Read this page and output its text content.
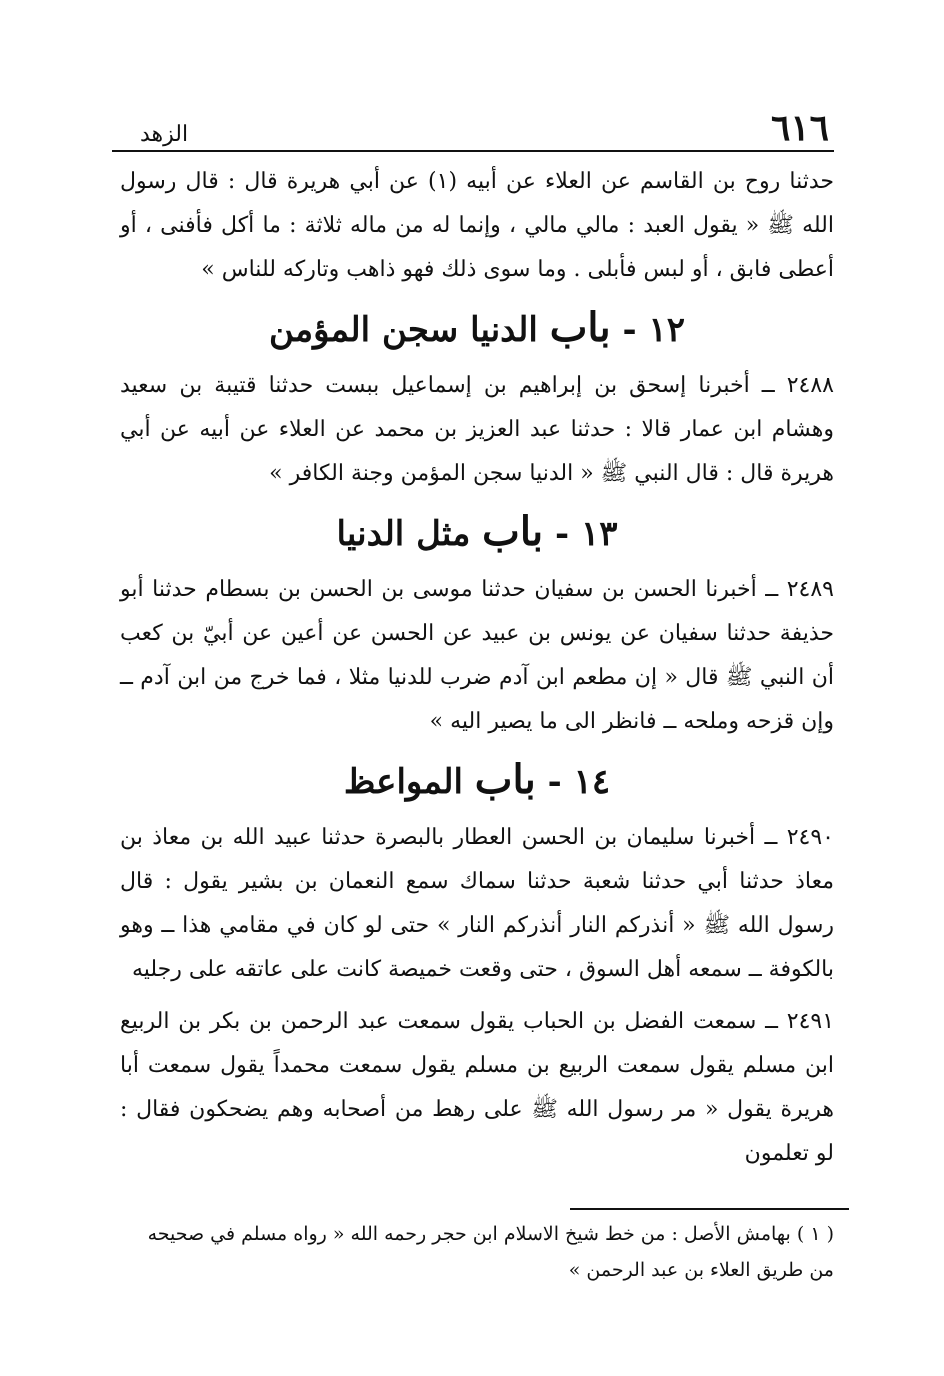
٦١٦
الزهد

حدثنا روح بن القاسم عن العلاء عن أبيه (١) عن أبي هريرة قال : قال رسول الله ﷺ « يقول العبد : مالي مالي ، وإنما له من ماله ثلاثة : ما أكل فأفنى ، أو أعطى فابق ، أو لبس فأبلى . وما سوى ذلك فهو ذاهب وتاركه للناس »

١٢ - باب الدنيا سجن المؤمن

٢٤٨٨ ــ أخبرنا إسحق بن إبراهيم بن إسماعيل ببست حدثنا قتيبة بن سعيد وهشام ابن عمار قالا : حدثنا عبد العزيز بن محمد عن العلاء عن أبيه عن أبي هريرة قال : قال النبي ﷺ « الدنيا سجن المؤمن وجنة الكافر »

١٣ - باب مثل الدنيا

٢٤٨٩ ــ أخبرنا الحسن بن سفيان حدثنا موسى بن الحسن بن بسطام حدثنا أبو حذيفة حدثنا سفيان عن يونس بن عبيد عن الحسن عن أعين عن أبيّ بن كعب أن النبي ﷺ قال « إن مطعم ابن آدم ضرب للدنيا مثلا ، فما خرج من ابن آدم ــ وإن قزحه وملحه ــ فانظر الى ما يصير اليه »

١٤ - باب المواعظ

٢٤٩٠ ــ أخبرنا سليمان بن الحسن العطار بالبصرة حدثنا عبيد الله بن معاذ بن معاذ حدثنا أبي حدثنا شعبة حدثنا سماك سمع النعمان بن بشير يقول : قال رسول الله ﷺ « أنذركم النار أنذركم النار » حتى لو كان في مقامي هذا ــ وهو بالكوفة ــ سمعه أهل السوق ، حتى وقعت خميصة كانت على عاتقه على رجليه

٢٤٩١ ــ سمعت الفضل بن الحباب يقول سمعت عبد الرحمن بن بكر بن الربيع ابن مسلم يقول سمعت الربيع بن مسلم يقول سمعت محمداً يقول سمعت أبا هريرة يقول « مر رسول الله ﷺ على رهط من أصحابه وهم يضحكون فقال : لو تعلمون

( ١ ) بهامش الأصل : من خط شيخ الاسلام ابن حجر رحمه الله « رواه مسلم في صحيحه من طريق العلاء بن عبد الرحمن »
